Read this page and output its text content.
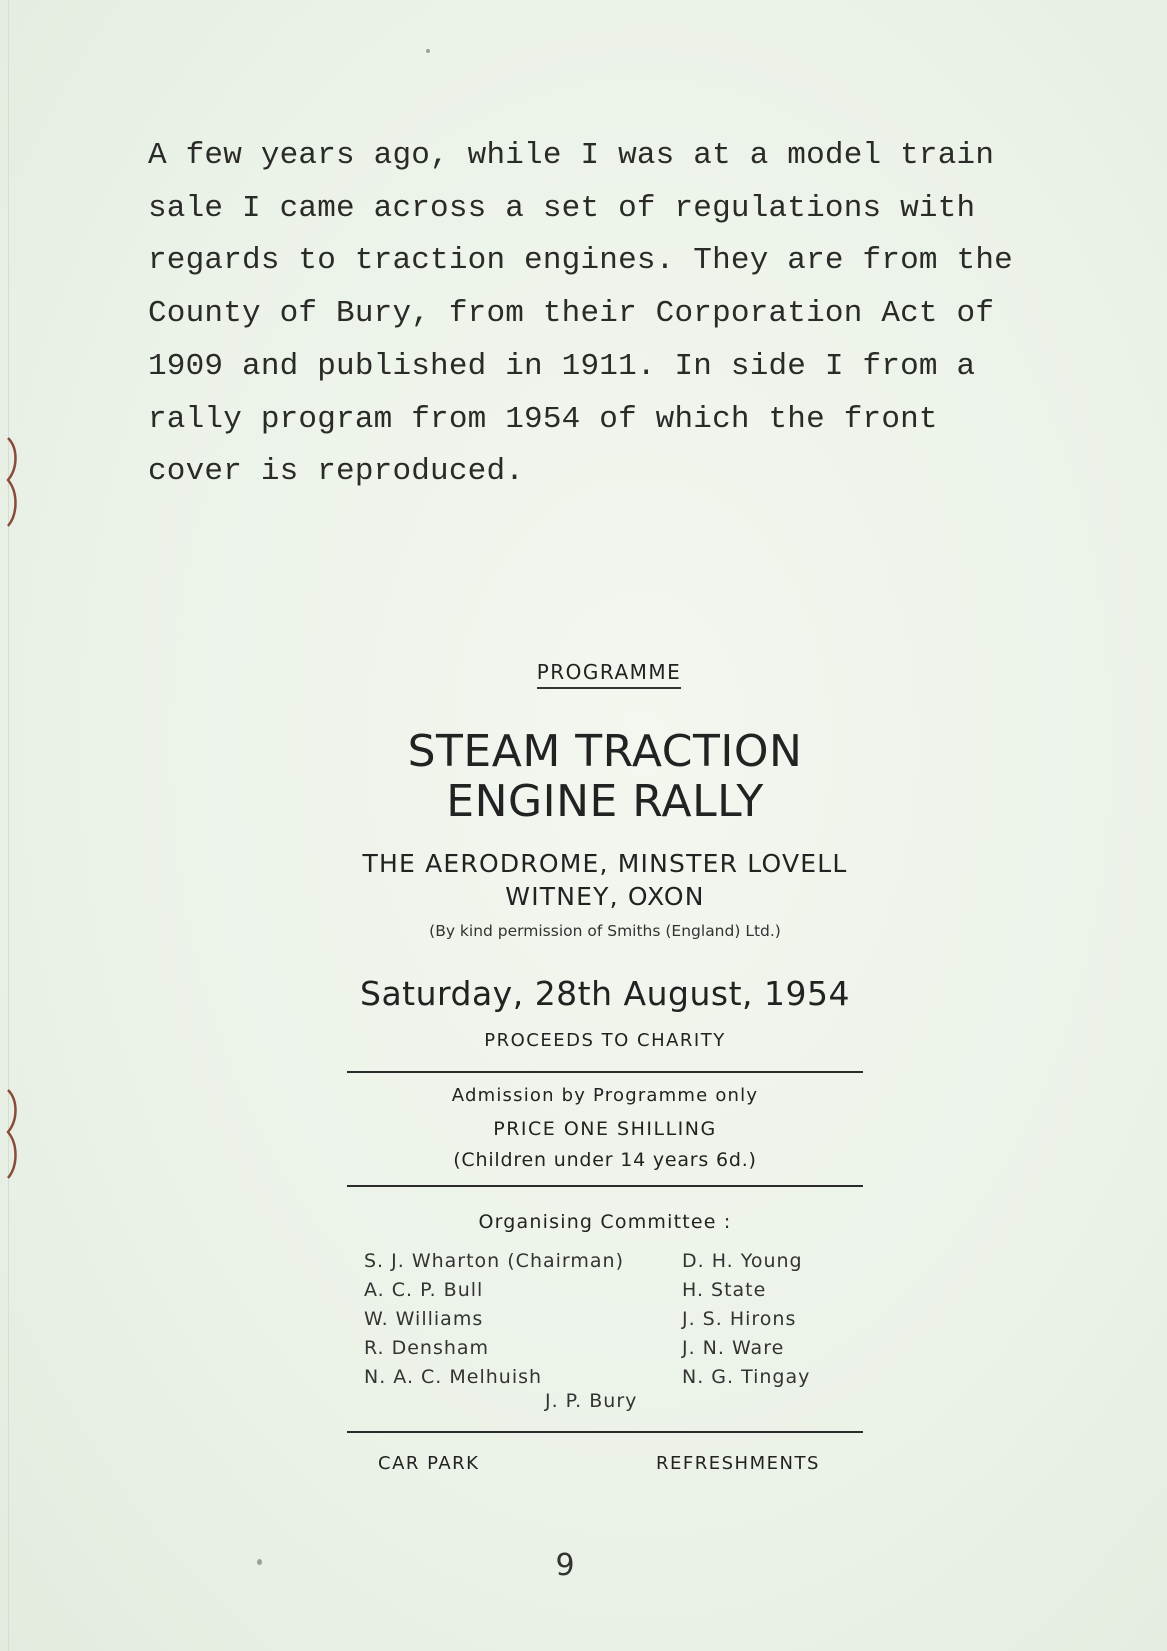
A few years ago, while I was at a model train
sale I came across a set of regulations with
regards to traction engines. They are from the
County of Bury, from their Corporation Act of
1909 and published in 1911. In side I from a
rally program from 1954 of which the front
cover is reproduced.
PROGRAMME
STEAM TRACTION
ENGINE RALLY
THE AERODROME, MINSTER LOVELL
WITNEY, OXON
(By kind permission of Smiths (England) Ltd.)
Saturday, 28th August, 1954
PROCEEDS TO CHARITY
Admission by Programme only
PRICE ONE SHILLING
(Children under 14 years 6d.)
Organising Committee :
S. J. Wharton (Chairman)
A. C. P. Bull
W. Williams
R. Densham
N. A. C. Melhuish
D. H. Young
H. State
J. S. Hirons
J. N. Ware
N. G. Tingay
J. P. Bury
CAR PARK	REFRESHMENTS
9
